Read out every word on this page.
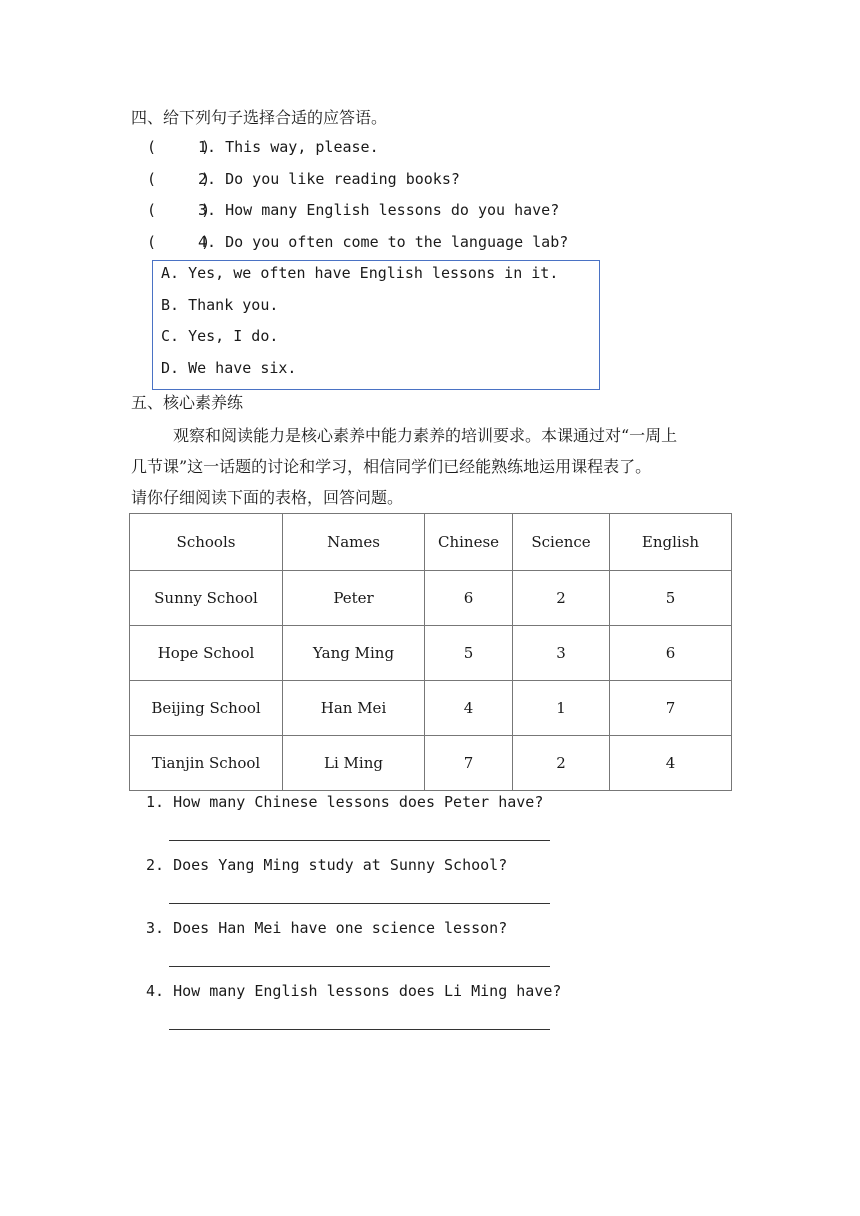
四、给下列句子选择合适的应答语。
(     )
1. This way, please.
(     )
2. Do you like reading books?
(     )
3. How many English lessons do you have?
(     )
4. Do you often come to the language lab?
A. Yes, we often have English lessons in it.
B. Thank you.
C. Yes, I do.
D. We have six.
五、核心素养练
观察和阅读能力是核心素养中能力素养的培训要求。本课通过对“一周上
几节课”这一话题的讨论和学习，相信同学们已经能熟练地运用课程表了。
请你仔细阅读下面的表格，回答问题。
Schools	Names	Chinese	Science	English
Sunny School	Peter	6	2	5
Hope School	Yang Ming	5	3	6
Beijing School	Han Mei	4	1	7
Tianjin School	Li Ming	7	2	4
1. How many Chinese lessons does Peter have?
2. Does Yang Ming study at Sunny School?
3. Does Han Mei have one science lesson?
4. How many English lessons does Li Ming have?
